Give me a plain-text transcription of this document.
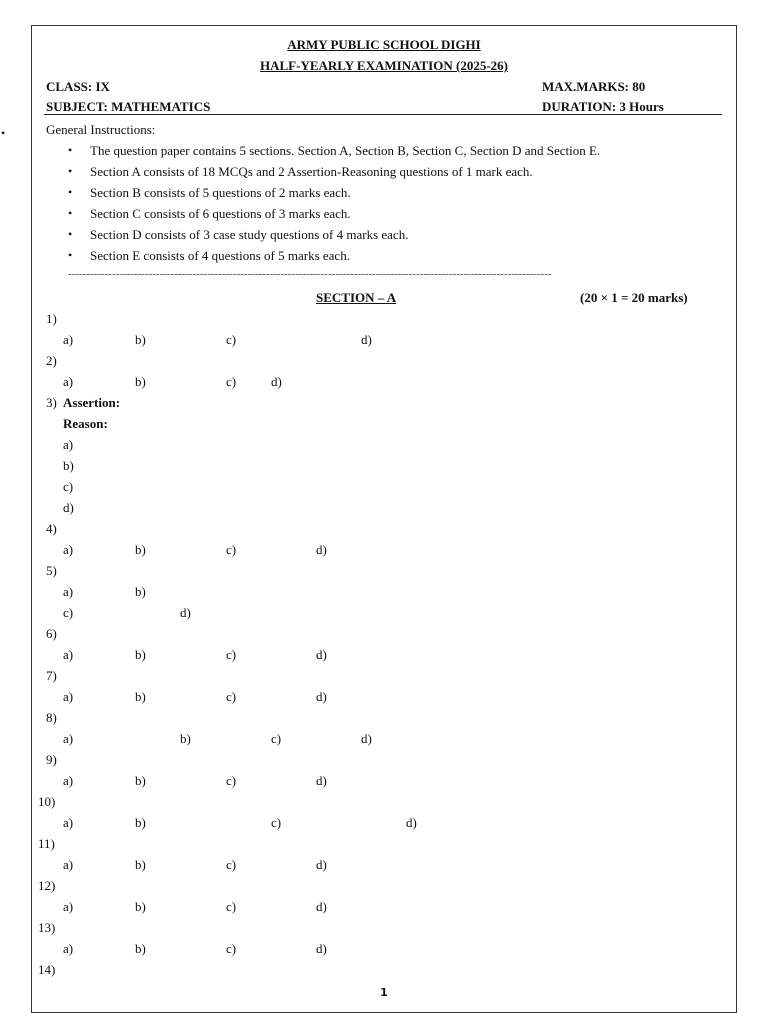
•
ARMY PUBLIC SCHOOL DIGHI
HALF-YEARLY EXAMINATION (2025-26)
CLASS: IX	MAX.MARKS: 80
SUBJECT: MATHEMATICS	DURATION: 3 Hours
General Instructions:
• The question paper contains 5 sections. Section A, Section B, Section C, Section D and Section E.
• Section A consists of 18 MCQs and 2 Assertion-Reasoning questions of 1 mark each.
• Section B consists of 5 questions of 2 marks each.
• Section C consists of 6 questions of 3 marks each.
• Section D consists of 3 case study questions of 4 marks each.
• Section E consists of 4 questions of 5 marks each.
------------------------------------------------------------------------------------------------------------------------------------
SECTION – A	(20 × 1 = 20 marks)
1)
a)	b)	c)	d)
2)
a)	b)	c)	d)
3) Assertion:
Reason:
a)
b)
c)
d)
4)
a)	b)	c)	d)
5)
a)	b)
c)	d)
6)
a)	b)	c)	d)
7)
a)	b)	c)	d)
8)
a)	b)	c)	d)
9)
a)	b)	c)	d)
10)
a)	b)	c)	d)
11)
a)	b)	c)	d)
12)
a)	b)	c)	d)
13)
a)	b)	c)	d)
14)
1
